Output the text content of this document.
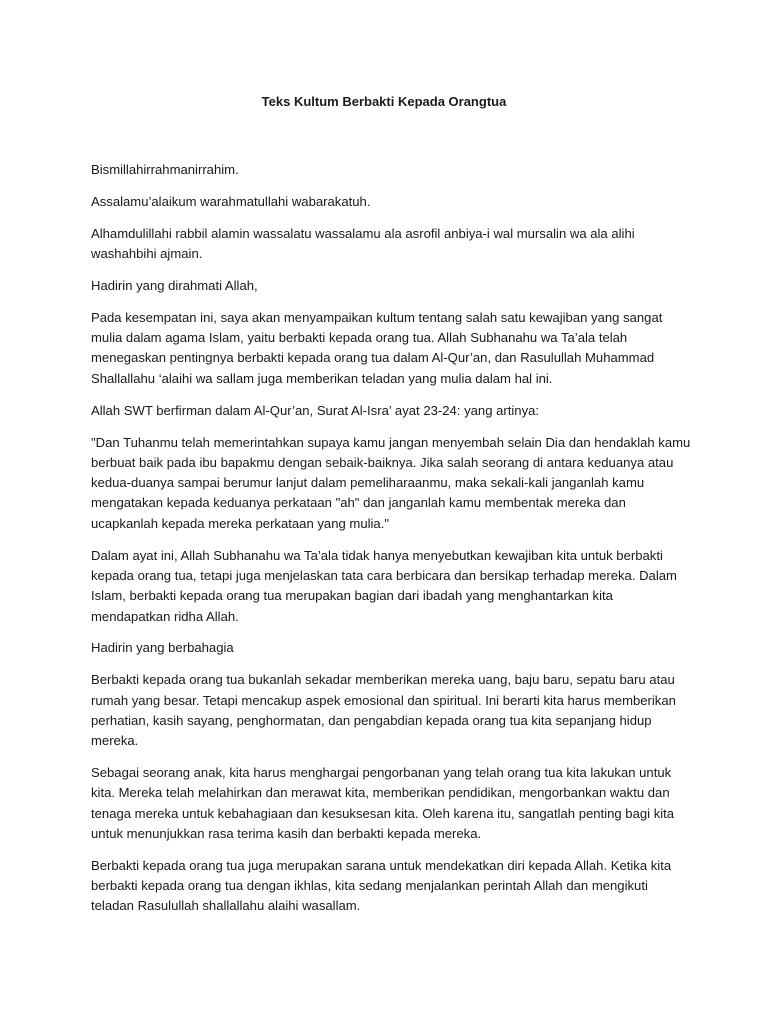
Teks Kultum Berbakti Kepada Orangtua

Bismillahirrahmanirrahim.

Assalamu’alaikum warahmatullahi wabarakatuh.

Alhamdulillahi rabbil alamin wassalatu wassalamu ala asrofil anbiya-i wal mursalin wa ala alihi washahbihi ajmain.

Hadirin yang dirahmati Allah,

Pada kesempatan ini, saya akan menyampaikan kultum tentang salah satu kewajiban yang sangat mulia dalam agama Islam, yaitu berbakti kepada orang tua. Allah Subhanahu wa Ta’ala telah menegaskan pentingnya berbakti kepada orang tua dalam Al-Qur’an, dan Rasulullah Muhammad Shallallahu ‘alaihi wa sallam juga memberikan teladan yang mulia dalam hal ini.

Allah SWT berfirman dalam Al-Qur’an, Surat Al-Isra’ ayat 23-24: yang artinya:

"Dan Tuhanmu telah memerintahkan supaya kamu jangan menyembah selain Dia dan hendaklah kamu berbuat baik pada ibu bapakmu dengan sebaik-baiknya. Jika salah seorang di antara keduanya atau kedua-duanya sampai berumur lanjut dalam pemeliharaanmu, maka sekali-kali janganlah kamu mengatakan kepada keduanya perkataan "ah" dan janganlah kamu membentak mereka dan ucapkanlah kepada mereka perkataan yang mulia."

Dalam ayat ini, Allah Subhanahu wa Ta’ala tidak hanya menyebutkan kewajiban kita untuk berbakti kepada orang tua, tetapi juga menjelaskan tata cara berbicara dan bersikap terhadap mereka. Dalam Islam, berbakti kepada orang tua merupakan bagian dari ibadah yang menghantarkan kita mendapatkan ridha Allah.

Hadirin yang berbahagia

Berbakti kepada orang tua bukanlah sekadar memberikan mereka uang, baju baru, sepatu baru atau rumah yang besar. Tetapi mencakup aspek emosional dan spiritual. Ini berarti kita harus memberikan perhatian, kasih sayang, penghormatan, dan pengabdian kepada orang tua kita sepanjang hidup mereka.

Sebagai seorang anak, kita harus menghargai pengorbanan yang telah orang tua kita lakukan untuk kita. Mereka telah melahirkan dan merawat kita, memberikan pendidikan, mengorbankan waktu dan tenaga mereka untuk kebahagiaan dan kesuksesan kita. Oleh karena itu, sangatlah penting bagi kita untuk menunjukkan rasa terima kasih dan berbakti kepada mereka.

Berbakti kepada orang tua juga merupakan sarana untuk mendekatkan diri kepada Allah. Ketika kita berbakti kepada orang tua dengan ikhlas, kita sedang menjalankan perintah Allah dan mengikuti teladan Rasulullah shallallahu alaihi wasallam.
